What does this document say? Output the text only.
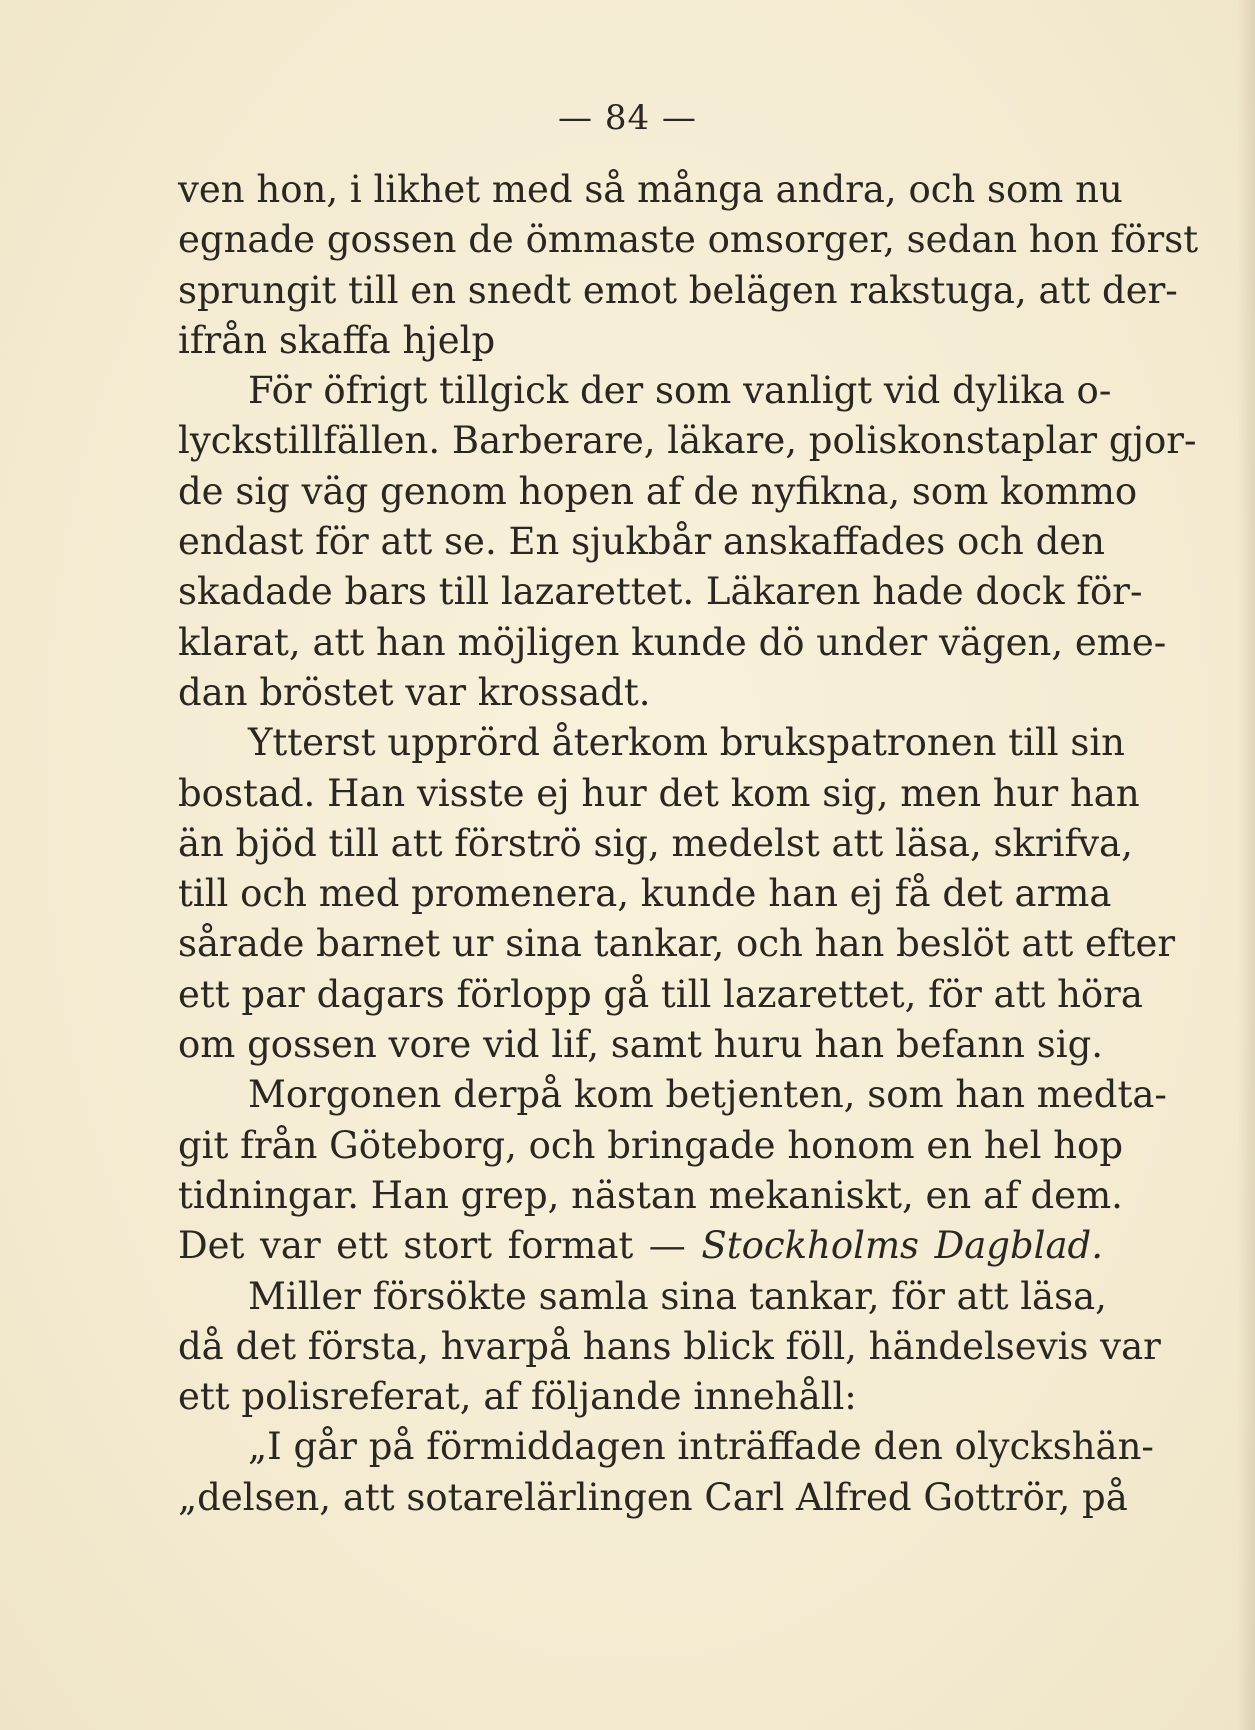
— 84 —
ven hon, i likhet med så många andra, och som nu
egnade gossen de ömmaste omsorger, sedan hon först
sprungit till en snedt emot belägen rakstuga, att der-
ifrån skaffa hjelp
För öfrigt tillgick der som vanligt vid dylika o-
lyckstillfällen. Barberare, läkare, poliskonstaplar gjor-
de sig väg genom hopen af de nyfikna, som kommo
endast för att se. En sjukbår anskaffades och den
skadade bars till lazarettet. Läkaren hade dock för-
klarat, att han möjligen kunde dö under vägen, eme-
dan bröstet var krossadt.
Ytterst upprörd återkom brukspatronen till sin
bostad. Han visste ej hur det kom sig, men hur han
än bjöd till att förströ sig, medelst att läsa, skrifva,
till och med promenera, kunde han ej få det arma
sårade barnet ur sina tankar, och han beslöt att efter
ett par dagars förlopp gå till lazarettet, för att höra
om gossen vore vid lif, samt huru han befann sig.
Morgonen derpå kom betjenten, som han medta-
git från Göteborg, och bringade honom en hel hop
tidningar. Han grep, nästan mekaniskt, en af dem.
Det var ett stort format — Stockholms Dagblad.
Miller försökte samla sina tankar, för att läsa,
då det första, hvarpå hans blick föll, händelsevis var
ett polisreferat, af följande innehåll:
„I går på förmiddagen inträffade den olyckshän-
„delsen, att sotarelärlingen Carl Alfred Gottrör, på
